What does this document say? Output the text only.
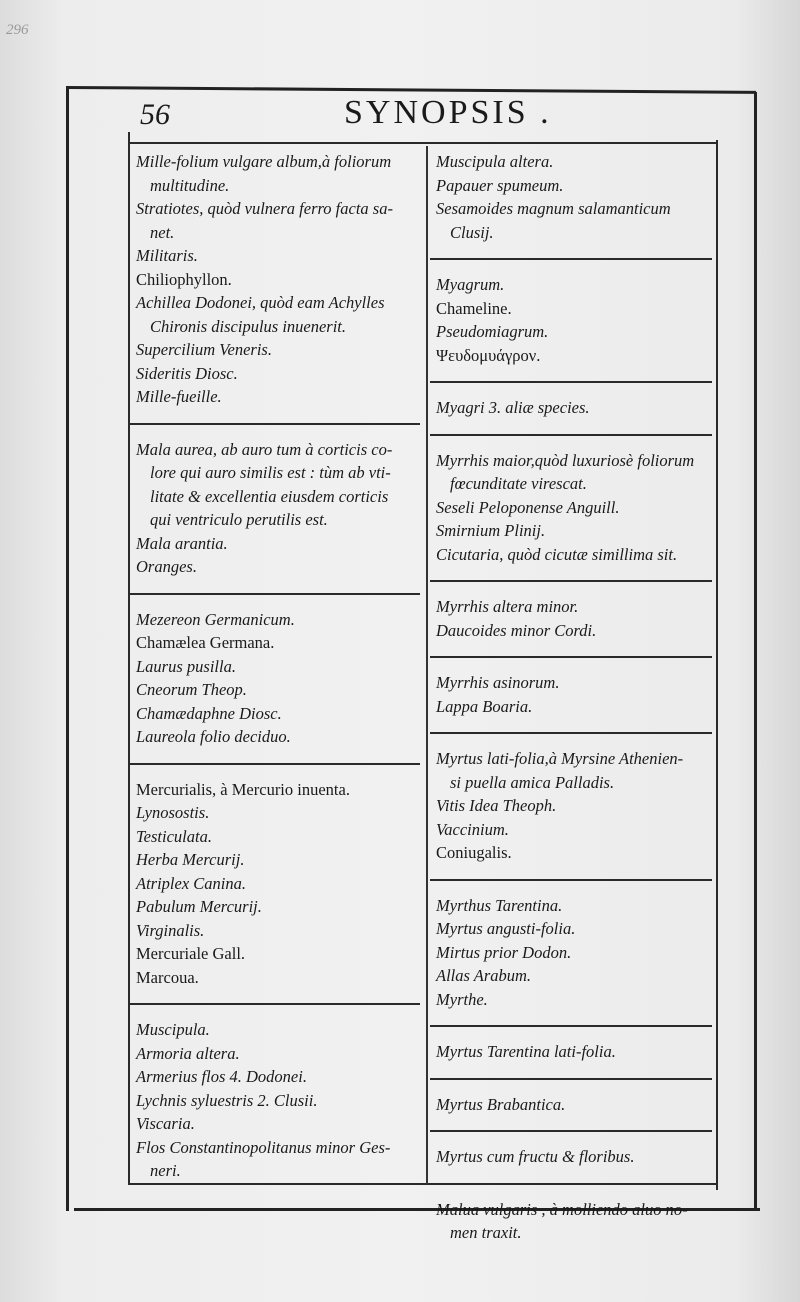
296
56	SYNOPSIS .
Mille-folium vulgare album,à foliorum
multitudine.
Stratiotes, quòd vulnera ferro facta sa-
net.
Militaris.
Chiliophyllon.
Achillea Dodonei, quòd eam Achylles
Chironis discipulus inuenerit.
Supercilium Veneris.
Sideritis Diosc.
Mille-fueille.
Mala aurea, ab auro tum à corticis co-
lore qui auro similis est : tùm ab vti-
litate & excellentia eiusdem corticis
qui ventriculo perutilis est.
Mala arantia.
Oranges.
Mezereon Germanicum.
Chamælea Germana.
Laurus pusilla.
Cneorum Theop.
Chamædaphne Diosc.
Laureola folio deciduo.
Mercurialis, à Mercurio inuenta.
Lynosostis.
Testiculata.
Herba Mercurij.
Atriplex Canina.
Pabulum Mercurij.
Virginalis.
Mercuriale Gall.
Marcoua.
Muscipula.
Armoria altera.
Armerius flos 4. Dodonei.
Lychnis syluestris 2. Clusii.
Viscaria.
Flos Constantinopolitanus minor Ges-
neri.
Muscipula altera.
Papauer spumeum.
Sesamoides magnum salamanticum
Clusij.
Myagrum.
Chameline.
Pseudomiagrum.
Ψευδομυάγρον.
Myagri 3. aliæ species.
Myrrhis maior,quòd luxuriosè foliorum
fœcunditate virescat.
Seseli Peloponense Anguill.
Smirnium Plinij.
Cicutaria, quòd cicutæ simillima sit.
Myrrhis altera minor.
Daucoides minor Cordi.
Myrrhis asinorum.
Lappa Boaria.
Myrtus lati-folia,à Myrsine Athenien-
si puella amica Palladis.
Vitis Idea Theoph.
Vaccinium.
Coniugalis.
Myrthus Tarentina.
Myrtus angusti-folia.
Mirtus prior Dodon.
Allas Arabum.
Myrthe.
Myrtus Tarentina lati-folia.
Myrtus Brabantica.
Myrtus cum fructu & floribus.
Malua vulgaris , à molliendo aluo no-
men traxit.
